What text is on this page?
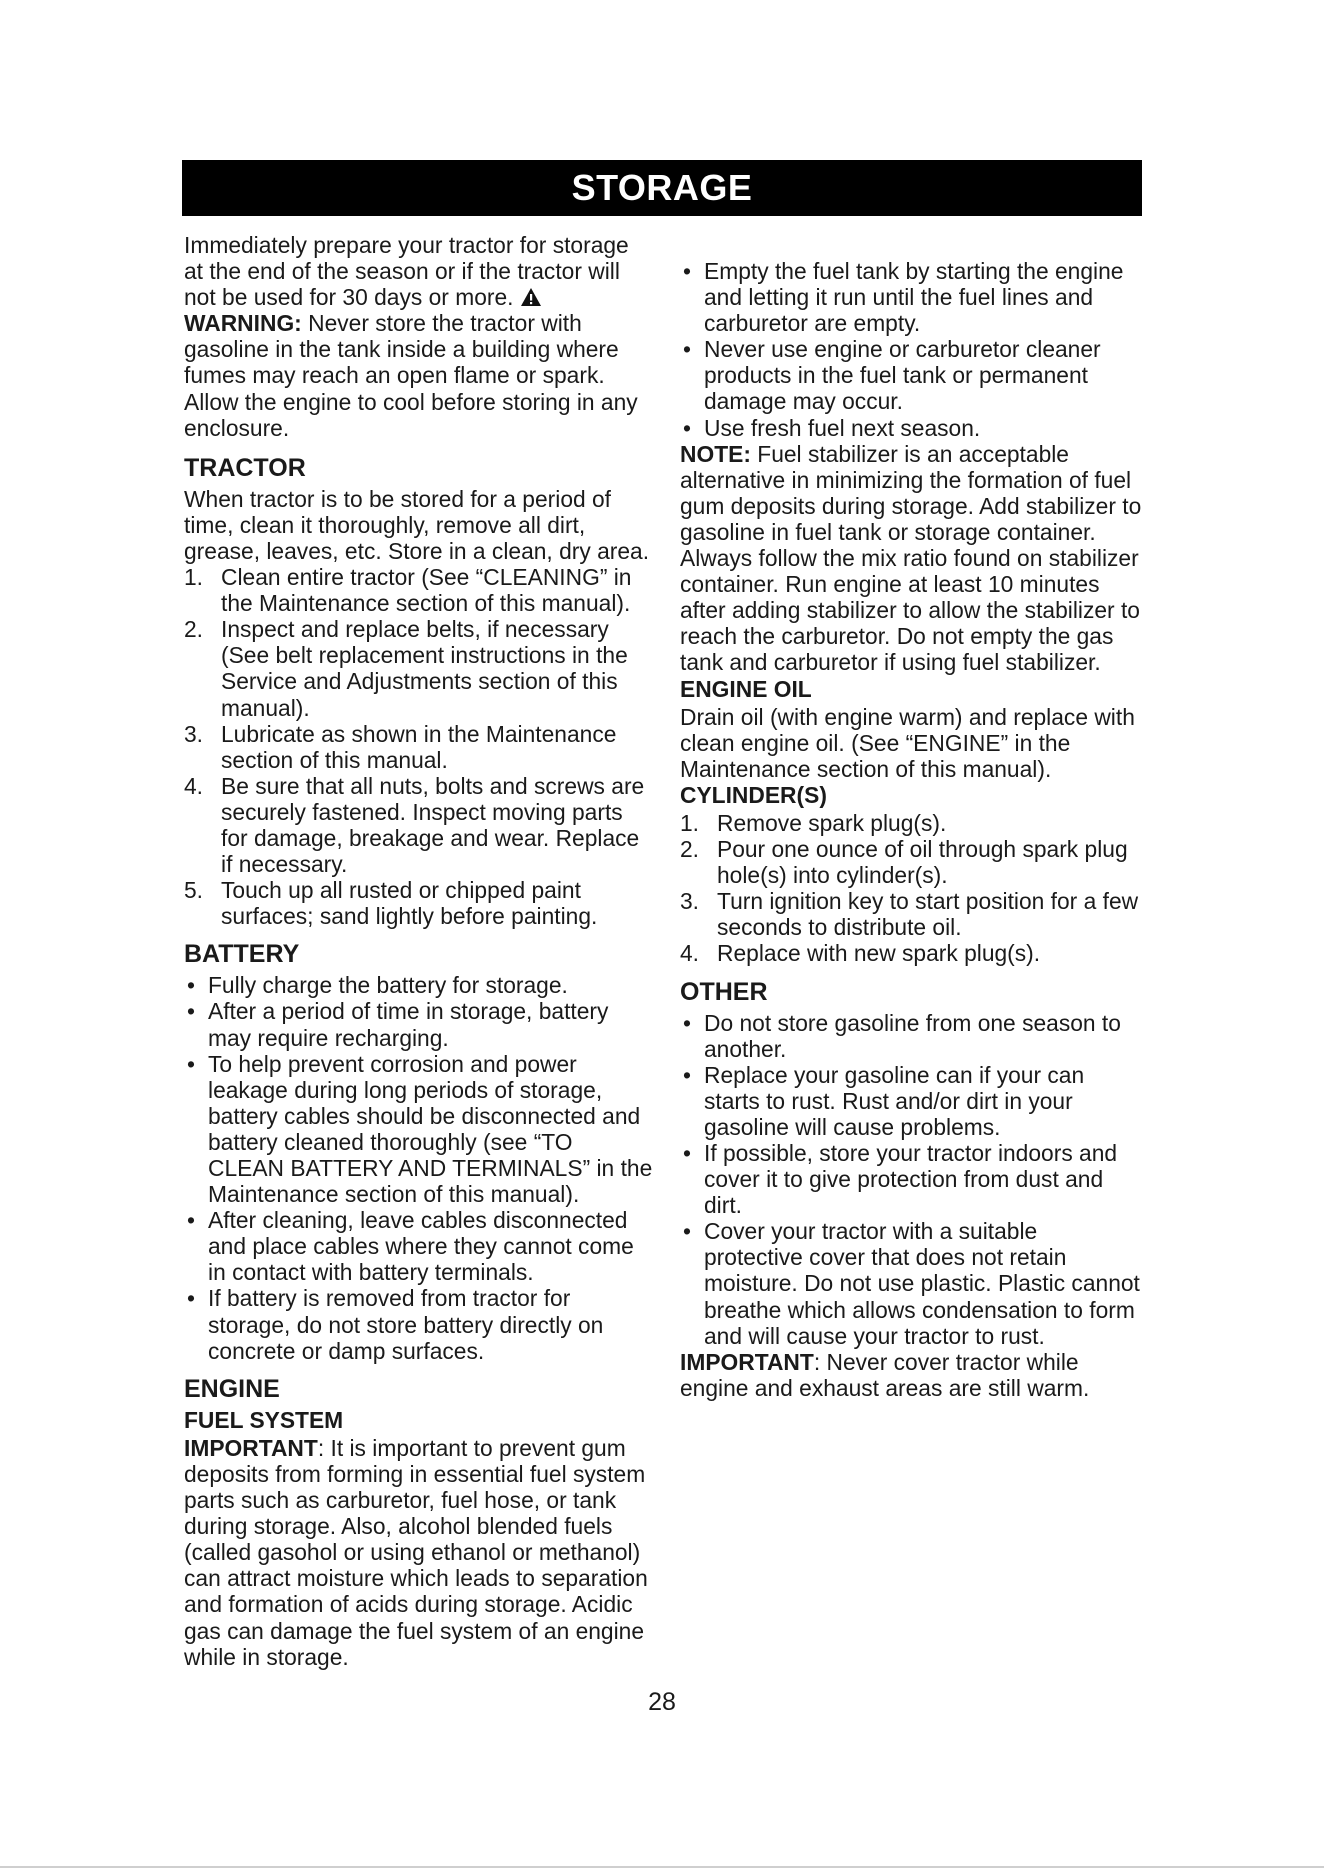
STORAGE

Immediately prepare your tractor for storage at the end of the season or if the tractor will not be used for 30 days or more. WARNING: Never store the tractor with gasoline in the tank inside a building where fumes may reach an open flame or spark. Allow the engine to cool before storing in any enclosure.

TRACTOR

When tractor is to be stored for a period of time, clean it thoroughly, remove all dirt, grease, leaves, etc. Store in a clean, dry area.

1. Clean entire tractor (See “CLEANING” in the Maintenance section of this manual).
2. Inspect and replace belts, if necessary (See belt replacement instructions in the Service and Adjustments section of this manual).
3. Lubricate as shown in the Maintenance section of this manual.
4. Be sure that all nuts, bolts and screws are securely fastened. Inspect moving parts for damage, breakage and wear. Replace if necessary.
5. Touch up all rusted or chipped paint surfaces; sand lightly before painting.
BATTERY
• Fully charge the battery for storage.
• After a period of time in storage, battery may require recharging.
• To help prevent corrosion and power leakage during long periods of storage, battery cables should be disconnected and battery cleaned thoroughly (see “TO CLEAN BATTERY AND TERMINALS” in the Maintenance section of this manual).
• After cleaning, leave cables disconnected and place cables where they cannot come in contact with battery terminals.
• If battery is removed from tractor for storage, do not store battery directly on concrete or damp surfaces.
ENGINE
FUEL SYSTEM

IMPORTANT: It is important to prevent gum deposits from forming in essential fuel system parts such as carburetor, fuel hose, or tank during storage. Also, alcohol blended fuels (called gasohol or using ethanol or methanol) can attract moisture which leads to separation and formation of acids during storage. Acidic gas can damage the fuel system of an engine while in storage.

• Empty the fuel tank by starting the engine and letting it run until the fuel lines and carburetor are empty.
• Never use engine or carburetor cleaner products in the fuel tank or permanent damage may occur.
• Use fresh fuel next season.

NOTE: Fuel stabilizer is an acceptable alternative in minimizing the formation of fuel gum deposits during storage. Add stabilizer to gasoline in fuel tank or storage container. Always follow the mix ratio found on stabilizer container. Run engine at least 10 minutes after adding stabilizer to allow the stabilizer to reach the carburetor. Do not empty the gas tank and carburetor if using fuel stabilizer.

ENGINE OIL

Drain oil (with engine warm) and replace with clean engine oil. (See “ENGINE” in the Maintenance section of this manual).

CYLINDER(S)
1. Remove spark plug(s).
2. Pour one ounce of oil through spark plug hole(s) into cylinder(s).
3. Turn ignition key to start position for a few seconds to distribute oil.
4. Replace with new spark plug(s).
OTHER
• Do not store gasoline from one season to another.
• Replace your gasoline can if your can starts to rust. Rust and/or dirt in your gasoline will cause problems.
• If possible, store your tractor indoors and cover it to give protection from dust and dirt.
• Cover your tractor with a suitable protective cover that does not retain moisture. Do not use plastic. Plastic cannot breathe which allows condensation to form and will cause your tractor to rust.

IMPORTANT: Never cover tractor while engine and exhaust areas are still warm.

28
